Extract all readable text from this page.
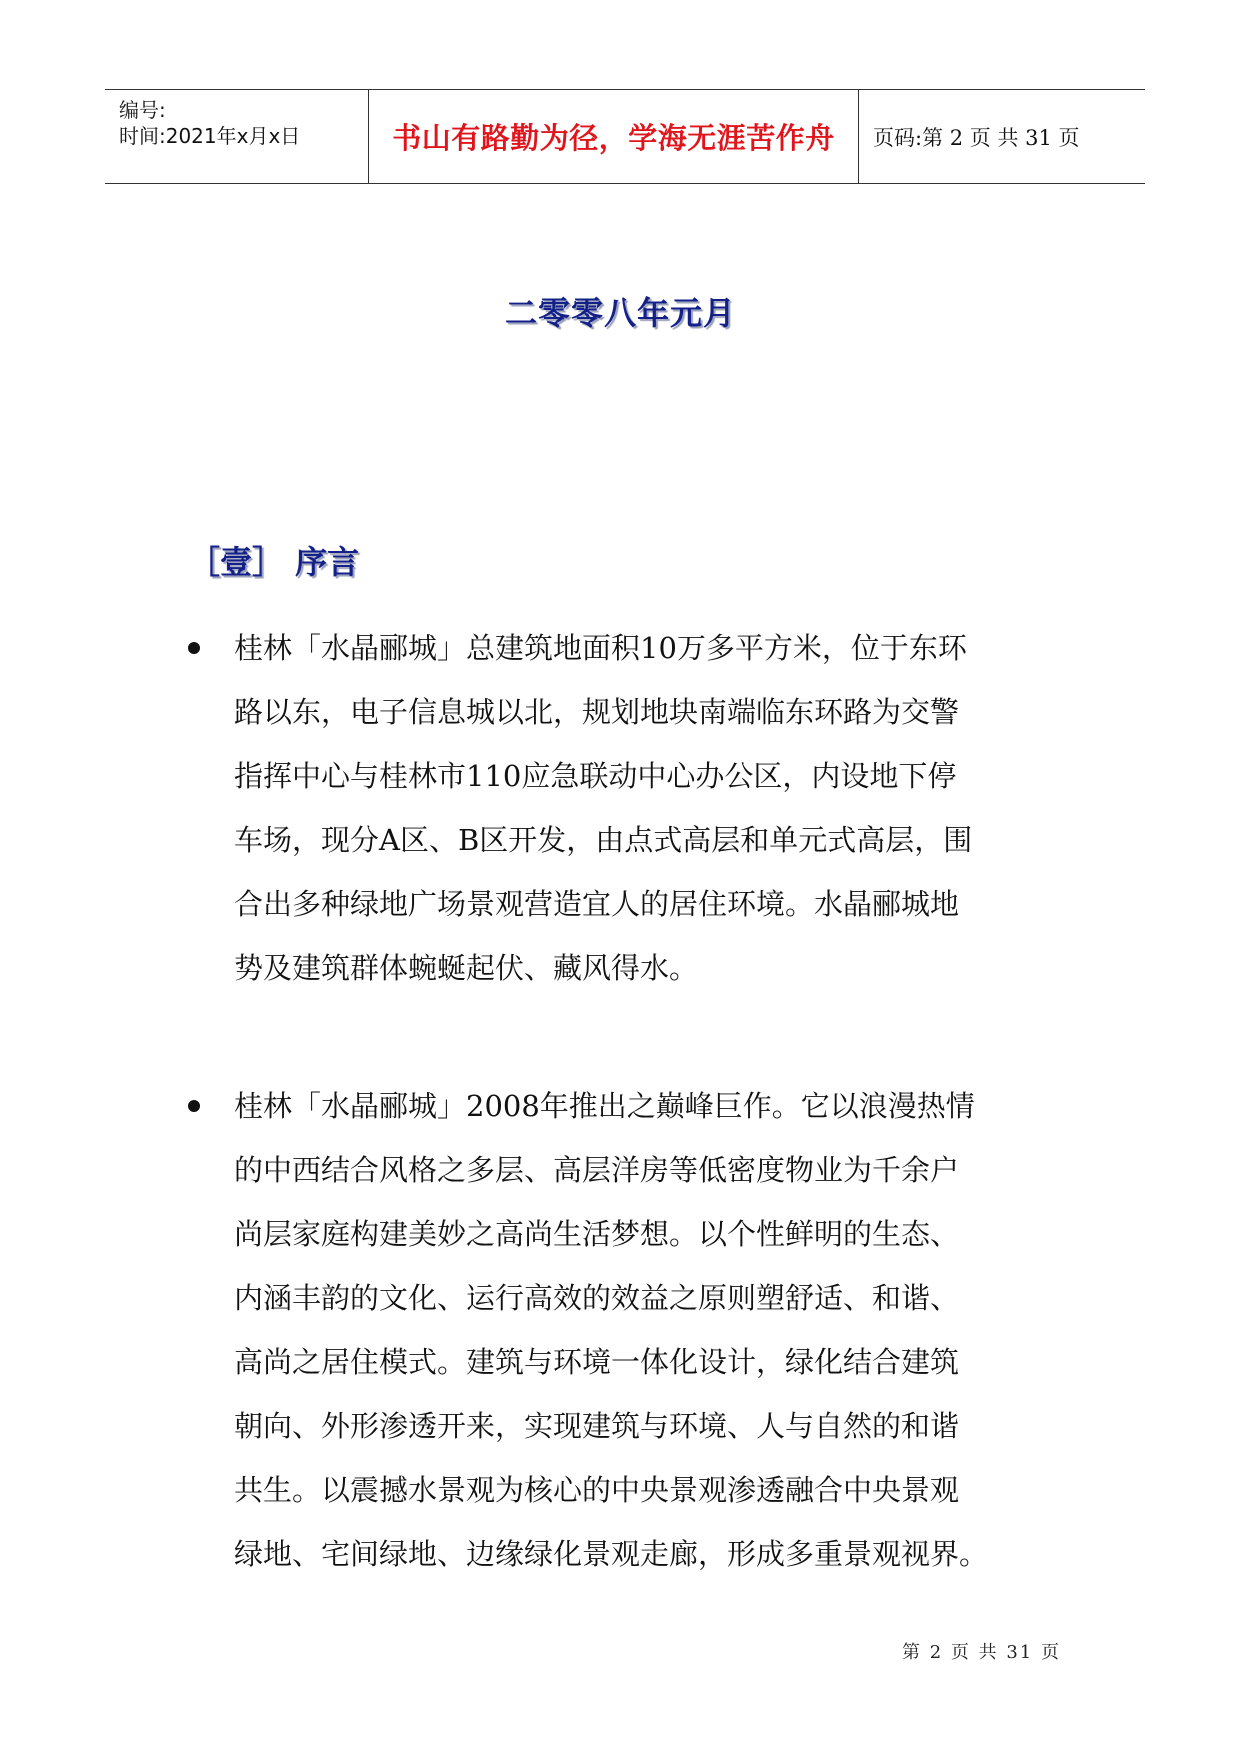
编号:
时间:2021年x月x日	书山有路勤为径，学海无涯苦作舟 页码:第 2 页 共 31 页
二零零八年元月
［壹］ 序言
桂林「水晶郦城」总建筑地面积10万多平方米，位于东环
路以东，电子信息城以北，规划地块南端临东环路为交警
指挥中心与桂林市110应急联动中心办公区，内设地下停
车场，现分A区、B区开发，由点式高层和单元式高层，围
合出多种绿地广场景观营造宜人的居住环境。水晶郦城地
势及建筑群体蜿蜒起伏、藏风得水。
桂林「水晶郦城」2008年推出之巅峰巨作。它以浪漫热情
的中西结合风格之多层、高层洋房等低密度物业为千余户
尚层家庭构建美妙之高尚生活梦想。以个性鲜明的生态、
内涵丰韵的文化、运行高效的效益之原则塑舒适、和谐、
高尚之居住模式。建筑与环境一体化设计，绿化结合建筑
朝向、外形渗透开来，实现建筑与环境、人与自然的和谐
共生。以震撼水景观为核心的中央景观渗透融合中央景观
绿地、宅间绿地、边缘绿化景观走廊，形成多重景观视界。
第 2 页 共 31 页
